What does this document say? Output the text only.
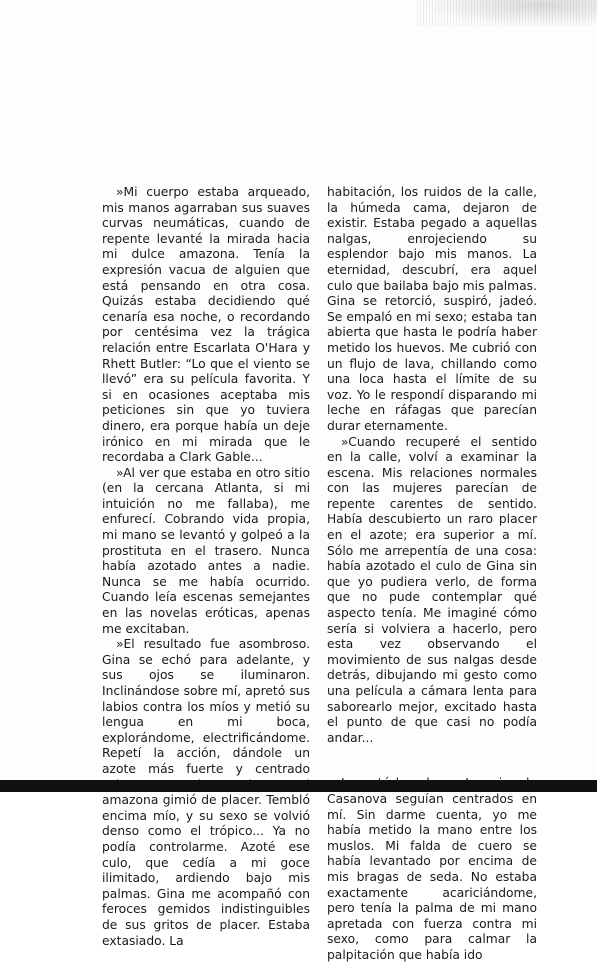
»Mi cuerpo estaba arqueado, mis manos agarraban sus suaves curvas neumáticas, cuando de repente levanté la mirada hacia mi dulce amazona. Tenía la expresión vacua de alguien que está pensando en otra cosa. Quizás estaba decidiendo qué cenaría esa noche, o recordando por centésima vez la trágica relación entre Escarlata O'Hara y Rhett Butler: “Lo que el viento se llevó” era su película favorita. Y si en ocasiones aceptaba mis peticiones sin que yo tuviera dinero, era porque había un deje irónico en mi mirada que le recordaba a Clark Gable...

»Al ver que estaba en otro sitio (en la cercana Atlanta, si mi intuición no me fallaba), me enfurecí. Cobrando vida propia, mi mano se levantó y golpeó a la prostituta en el trasero. Nunca había azotado antes a nadie. Nunca se me había ocurrido. Cuando leía escenas semejantes en las novelas eróticas, apenas me excitaban.

»El resultado fue asombroso. Gina se echó para adelante, y sus ojos se iluminaron. Inclinándose sobre mí, apretó sus labios contra los míos y metió su lengua en mi boca, explorándome, electrificándome. Repetí la acción, dándole un azote más fuerte y centrado amazona gimió de placer. Tembló encima mío, y su sexo se volvió denso como el trópico... Ya no podía controlarme. Azoté ese culo, que cedía a mi goce ilimitado, ardiendo bajo mis palmas. Gina me acompañó con feroces gemidos indistinguibles de sus gritos de placer. Estaba extasiado. La

habitación, los ruidos de la calle, la húmeda cama, dejaron de existir. Estaba pegado a aquellas nalgas, enrojeciendo su esplendor bajo mis manos. La eternidad, descubrí, era aquel culo que bailaba bajo mis palmas. Gina se retorció, suspiró, jadeó. Se empaló en mi sexo; estaba tan abierta que hasta le podría haber metido los huevos. Me cubrió con un flujo de lava, chillando como una loca hasta el límite de su voz. Yo le respondí disparando mi leche en ráfagas que parecían durar eternamente.

»Cuando recuperé el sentido en la calle, volví a examinar la escena. Mis relaciones normales con las mujeres parecían de repente carentes de sentido. Había descubierto un raro placer en el azote; era superior a mí. Sólo me arrepentía de una cosa: había azotado el culo de Gina sin que yo pudiera verlo, de forma que no pude contemplar qué aspecto tenía. Me imaginé cómo sería si volviera a hacerlo, pero esta vez observando el movimiento de sus nalgas desde detrás, dibujando mi gesto como una película a cámara lenta para saborearlo mejor, excitado hasta el punto de que casi no podía andar...

Casanova seguían centrados en mí. Sin darme cuenta, yo me había metido la mano entre los muslos. Mi falda de cuero se había levantado por encima de mis bragas de seda. No estaba exactamente acariciándome, pero tenía la palma de mi mano apretada con fuerza contra mi sexo, como para calmar la palpitación que había ido
